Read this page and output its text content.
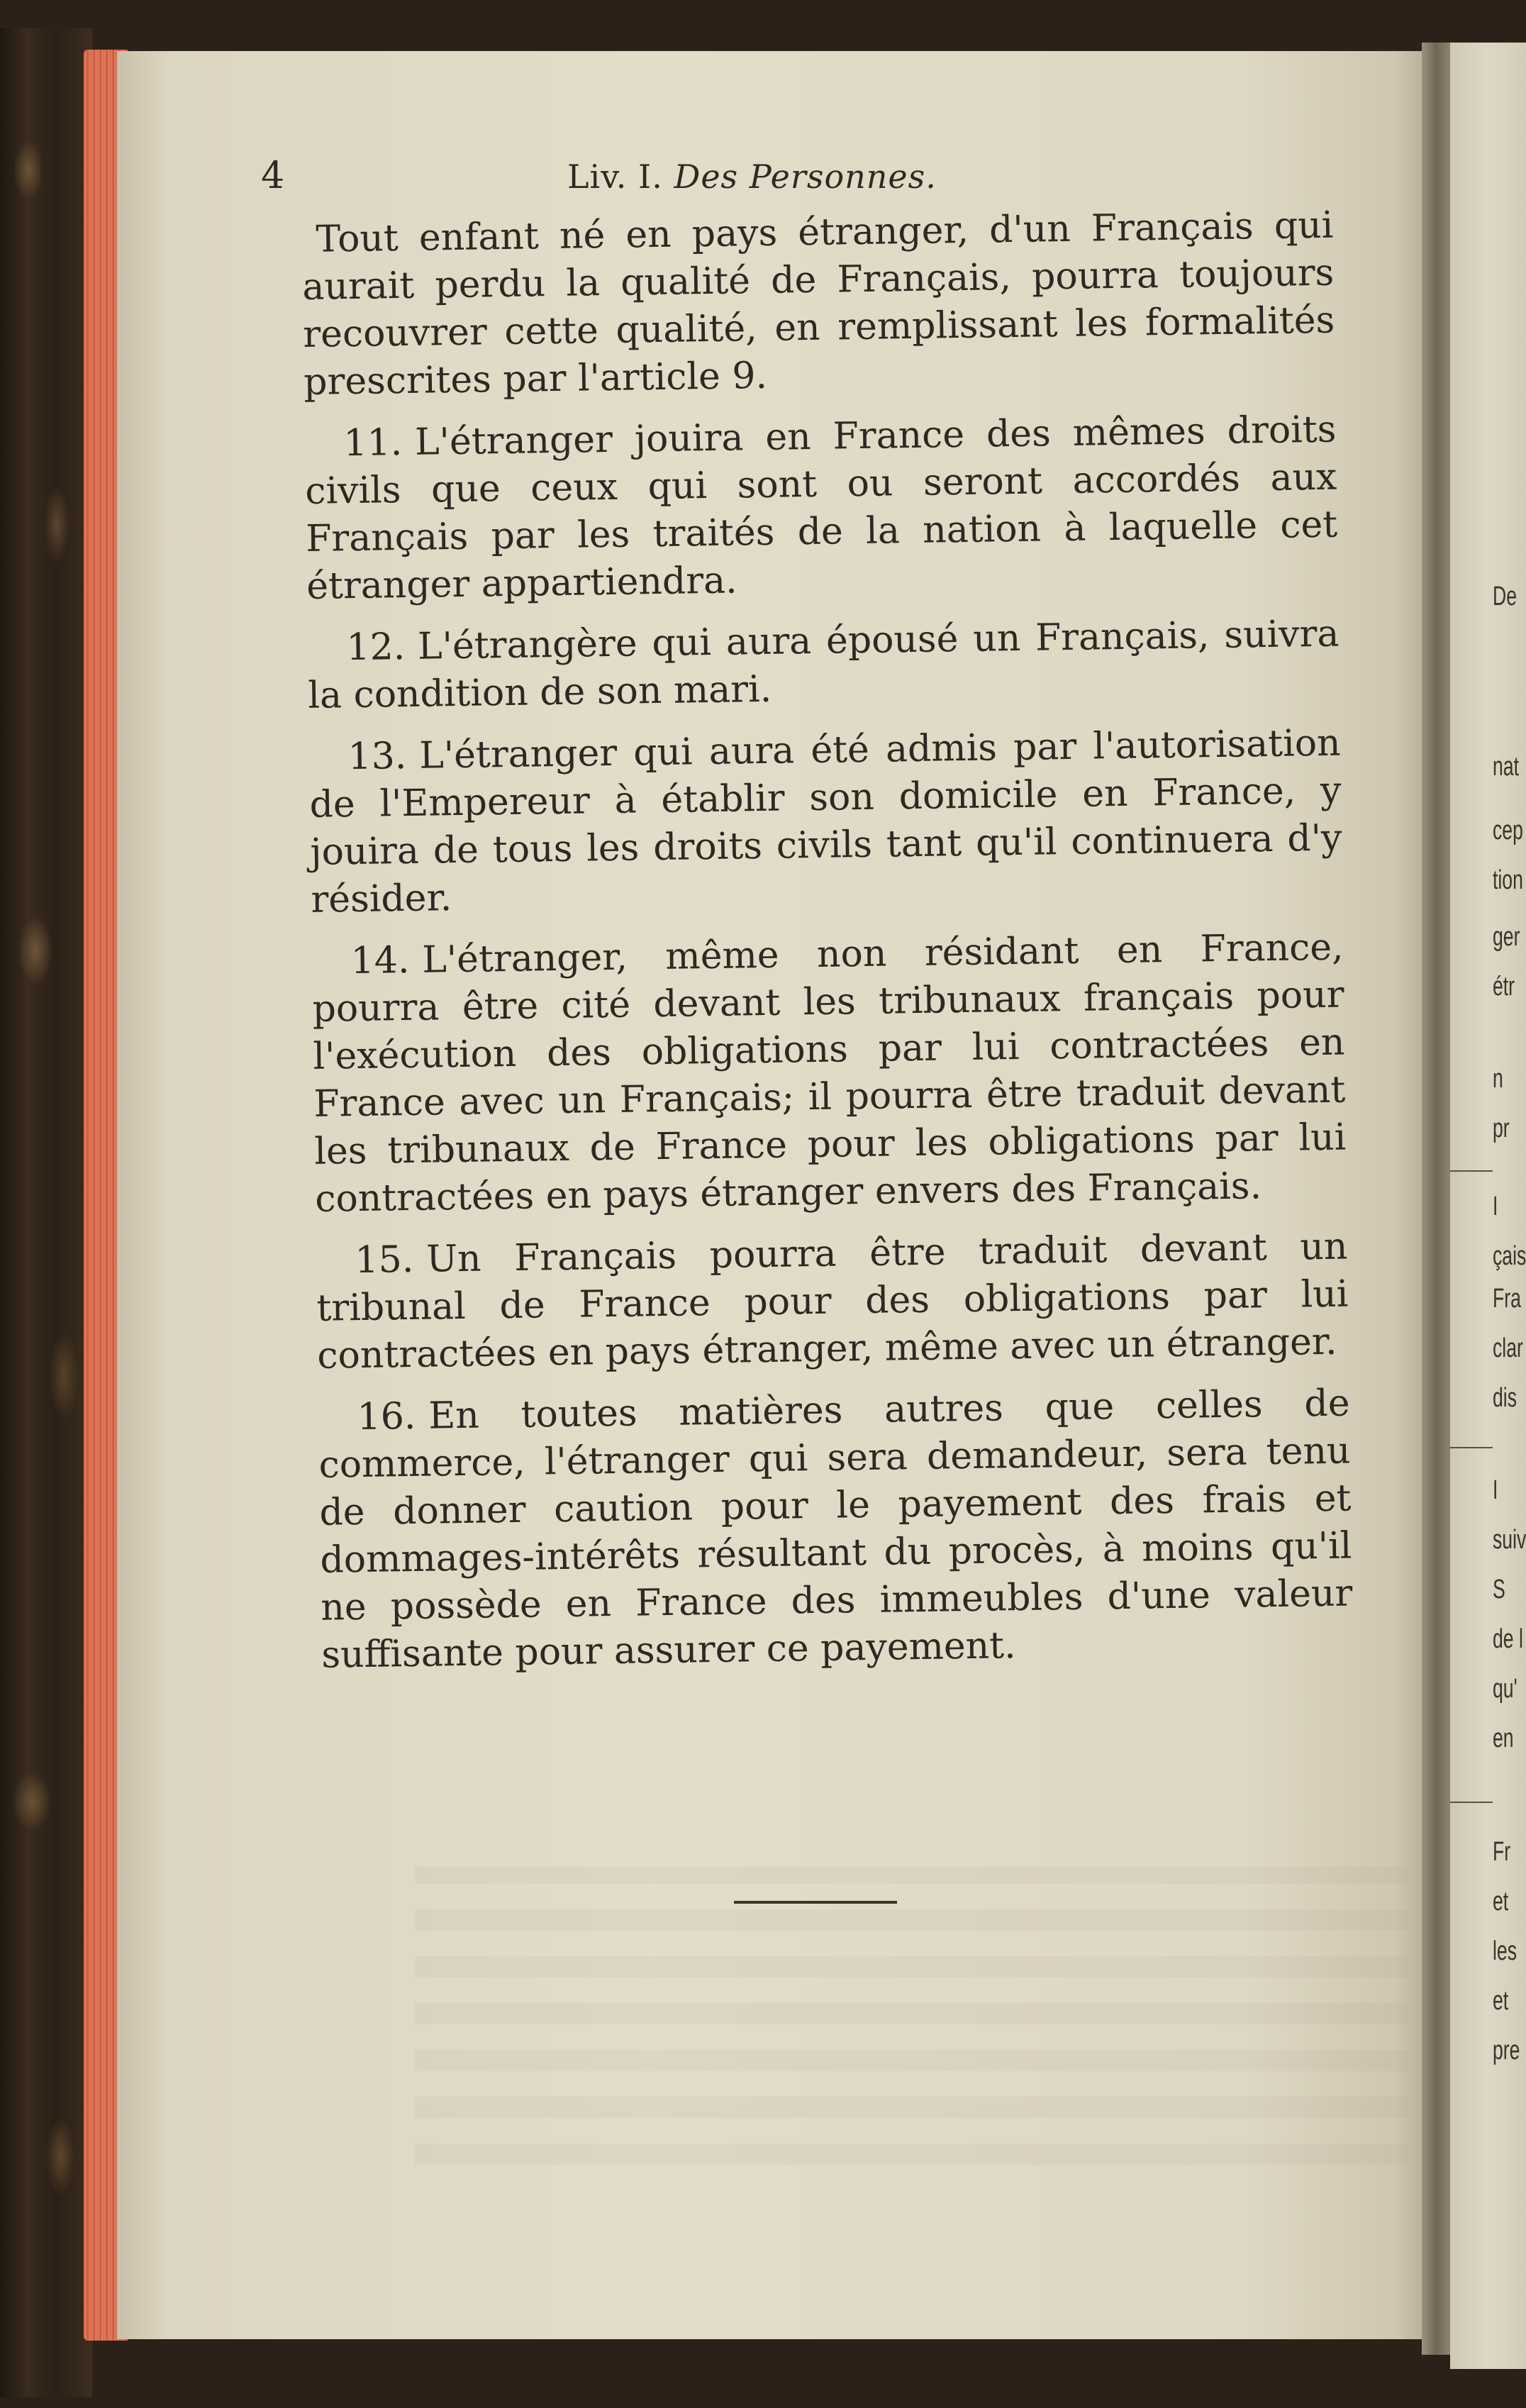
De
nat
cep
tion
ger
étr
n
pr
I
çais
Fra
clar
dis
I
suiv
S
de l
qu'
en
Fr
et
les
et
pre
4	Liv. I. Des Personnes.

Tout enfant né en pays étranger, d'un Français qui aurait perdu la qualité de Français, pourra toujours recouvrer cette qualité, en remplissant les formalités prescrites par l'article 9.

11. L'étranger jouira en France des mêmes droits civils que ceux qui sont ou seront accordés aux Français par les traités de la nation à laquelle cet étranger appartiendra.

12. L'étrangère qui aura épousé un Français, suivra la condition de son mari.

13. L'étranger qui aura été admis par l'autorisation de l'Empereur à établir son domicile en France, y jouira de tous les droits civils tant qu'il continuera d'y résider.

14. L'étranger, même non résidant en France, pourra être cité devant les tribunaux français pour l'exécution des obligations par lui contractées en France avec un Français; il pourra être traduit devant les tribunaux de France pour les obligations par lui contractées en pays étranger envers des Français.

15. Un Français pourra être traduit devant un tribunal de France pour des obligations par lui contractées en pays étranger, même avec un étranger.

16. En toutes matières autres que celles de commerce, l'étranger qui sera demandeur, sera tenu de donner caution pour le payement des frais et dommages-intérêts résultant du procès, à moins qu'il ne possède en France des immeubles d'une valeur suffisante pour assurer ce payement.
